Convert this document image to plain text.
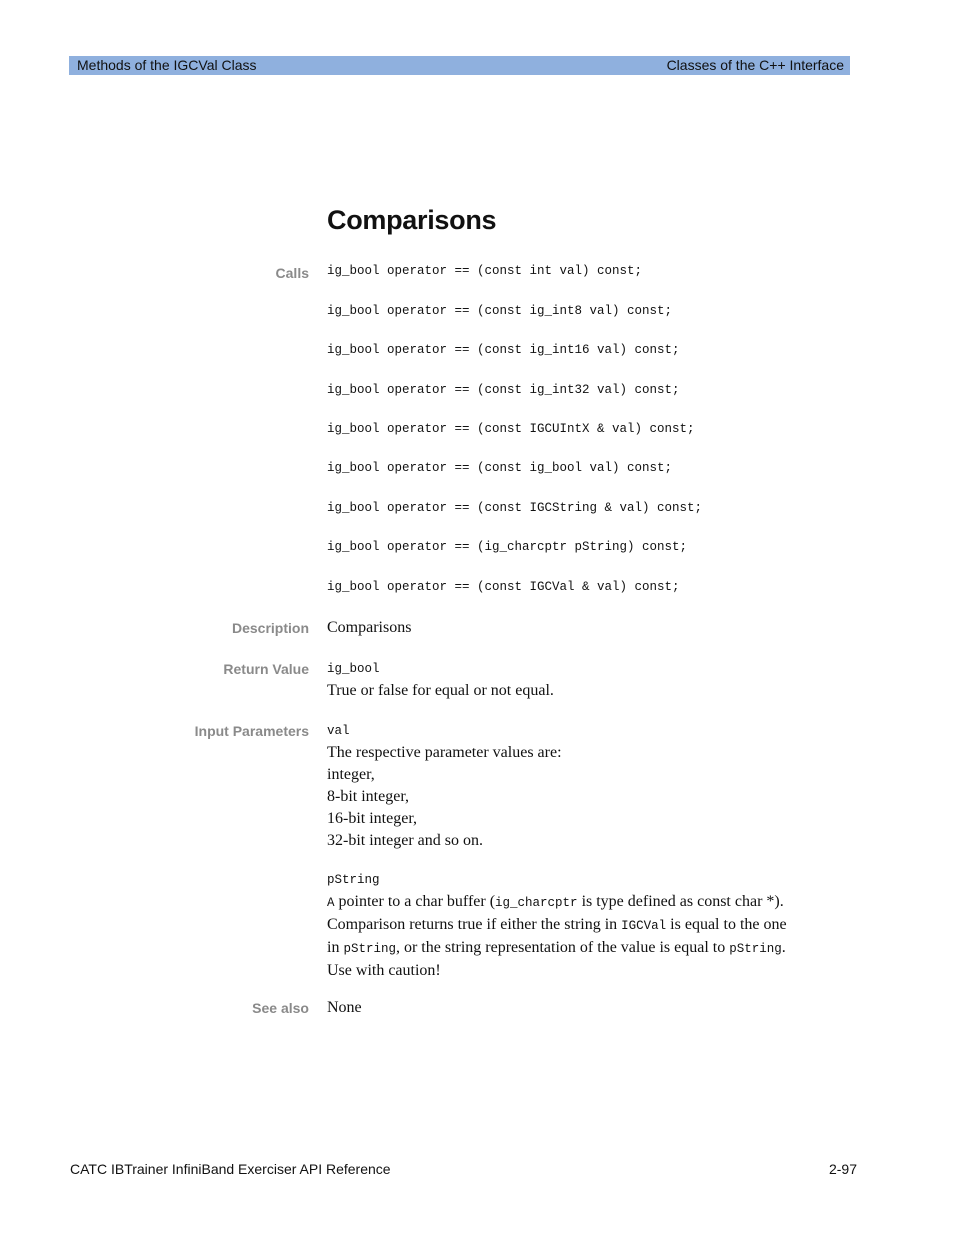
Methods of the IGCVal Class	Classes of the C++ Interface
Comparisons
Calls ig_bool operator == (const int val) const;
ig_bool operator == (const ig_int8 val) const;
ig_bool operator == (const ig_int16 val) const;
ig_bool operator == (const ig_int32 val) const;
ig_bool operator == (const IGCUIntX & val) const;
ig_bool operator == (const ig_bool val) const;
ig_bool operator == (const IGCString & val) const;
ig_bool operator == (ig_charcptr pString) const;
ig_bool operator == (const IGCVal & val) const;
Description Comparisons
Return Value ig_bool
True or false for equal or not equal.
Input Parameters val
The respective parameter values are:
integer,
8-bit integer,
16-bit integer,
32-bit integer and so on.
pString
A pointer to a char buffer (ig_charcptr is type defined as const char *).
Comparison returns true if either the string in IGCVal is equal to the one
in pString, or the string representation of the value is equal to pString.
Use with caution!
See also None
CATC IBTrainer InfiniBand Exerciser API Reference	2-97
